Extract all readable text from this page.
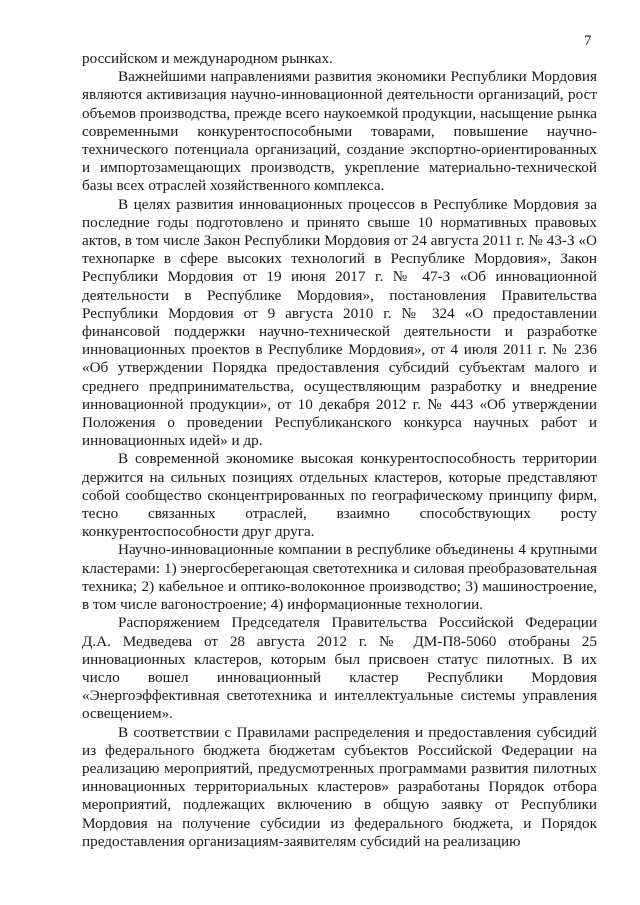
7

российском и международном рынках.

Важнейшими направлениями развития экономики Республики Мордовия являются активизация научно-инновационной деятельности организаций, рост объемов производства, прежде всего наукоемкой продукции, насыщение рынка современными конкурентоспособными товарами, повышение научно-технического потенциала организаций, создание экспортно-ориентированных и импортозамещающих производств, укрепление материально-технической базы всех отраслей хозяйственного комплекса.

В целях развития инновационных процессов в Республике Мордовия за последние годы подготовлено и принято свыше 10 нормативных правовых актов, в том числе Закон Республики Мордовия от 24 августа 2011 г. № 43-З «О технопарке в сфере высоких технологий в Республике Мордовия», Закон Республики Мордовия от 19 июня 2017 г. № 47-З «Об инновационной деятельности в Республике Мордовия», постановления Правительства Республики Мордовия от 9 августа 2010 г. № 324 «О предоставлении финансовой поддержки научно-технической деятельности и разработке инновационных проектов в Республике Мордовия», от 4 июля 2011 г. № 236 «Об утверждении Порядка предоставления субсидий субъектам малого и среднего предпринимательства, осуществляющим разработку и внедрение инновационной продукции», от 10 декабря 2012 г. № 443 «Об утверждении Положения о проведении Республиканского конкурса научных работ и инновационных идей» и др.

В современной экономике высокая конкурентоспособность территории держится на сильных позициях отдельных кластеров, которые представляют собой сообщество сконцентрированных по географическому принципу фирм, тесно связанных отраслей, взаимно способствующих росту конкурентоспособности друг друга.

Научно-инновационные компании в республике объединены 4 крупными кластерами: 1) энергосберегающая светотехника и силовая преобразовательная техника; 2) кабельное и оптико-волоконное производство; 3) машиностроение, в том числе вагоностроение; 4) информационные технологии.

Распоряжением Председателя Правительства Российской Федерации Д.А. Медведева от 28 августа 2012 г. № ДМ-П8-5060 отобраны 25 инновационных кластеров, которым был присвоен статус пилотных. В их число вошел инновационный кластер Республики Мордовия «Энергоэффективная светотехника и интеллектуальные системы управления освещением».

В соответствии с Правилами распределения и предоставления субсидий из федерального бюджета бюджетам субъектов Российской Федерации на реализацию мероприятий, предусмотренных программами развития пилотных инновационных территориальных кластеров» разработаны Порядок отбора мероприятий, подлежащих включению в общую заявку от Республики Мордовия на получение субсидии из федерального бюджета, и Порядок предоставления организациям-заявителям субсидий на реализацию
